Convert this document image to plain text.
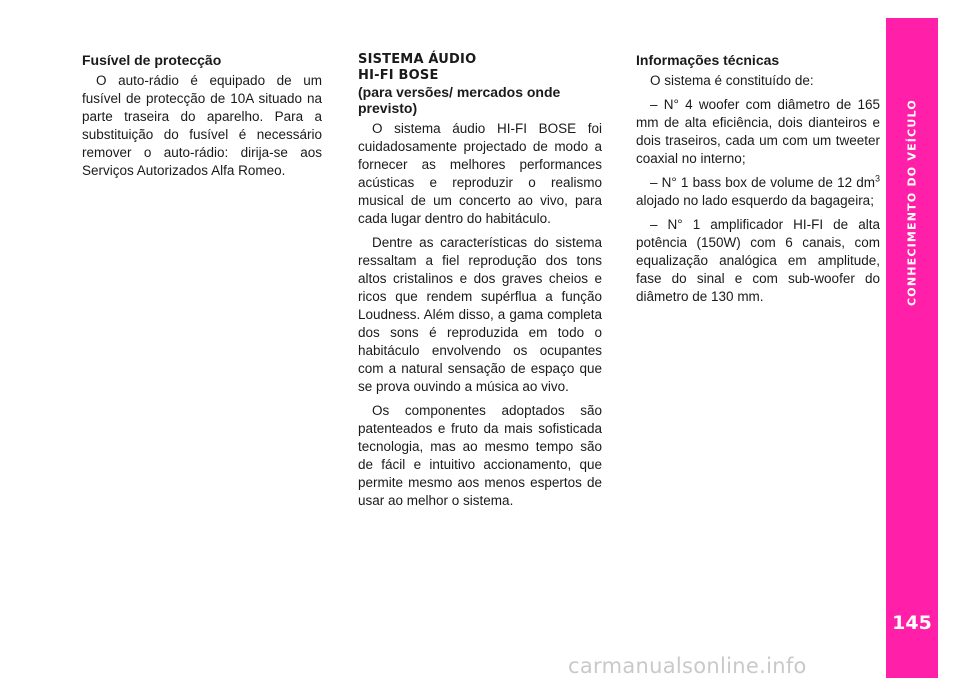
Fusível de protecção

O auto-rádio é equipado de um fusível de protecção de 10A situado na parte traseira do aparelho. Para a substituição do fusível é necessário remover o auto-rádio: dirija-se aos Serviços Autorizados Alfa Romeo.

SISTEMA ÁUDIO
HI-FI BOSE
(para versões/ mercados onde previsto)

O sistema áudio HI-FI BOSE foi cuidadosamente projectado de modo a fornecer as melhores performances acústicas e reproduzir o realismo musical de um concerto ao vivo, para cada lugar dentro do habitáculo.

Dentre as características do sistema ressaltam a fiel reprodução dos tons altos cristalinos e dos graves cheios e ricos que rendem supérflua a função Loudness. Além disso, a gama completa dos sons é reproduzida em todo o habitáculo envolvendo os ocupantes com a natural sensação de espaço que se prova ouvindo a música ao vivo.

Os componentes adoptados são patenteados e fruto da mais sofisticada tecnologia, mas ao mesmo tempo são de fácil e intuitivo accionamento, que permite mesmo aos menos espertos de usar ao melhor o sistema.

Informações técnicas

O sistema é constituído de:

– N° 4 woofer com diâmetro de 165 mm de alta eficiência, dois dianteiros e dois traseiros, cada um com um tweeter coaxial no interno;

– N° 1 bass box de volume de 12 $dm^3$ alojado no lado esquerdo da bagageira;

– N° 1 amplificador HI-FI de alta potência (150W) com 6 canais, com equalização analógica em amplitude, fase do sinal e com sub-woofer do diâmetro de 130 mm.	CONHECIMENTO DO VEÍCULO
145
carmanualsonline.info
